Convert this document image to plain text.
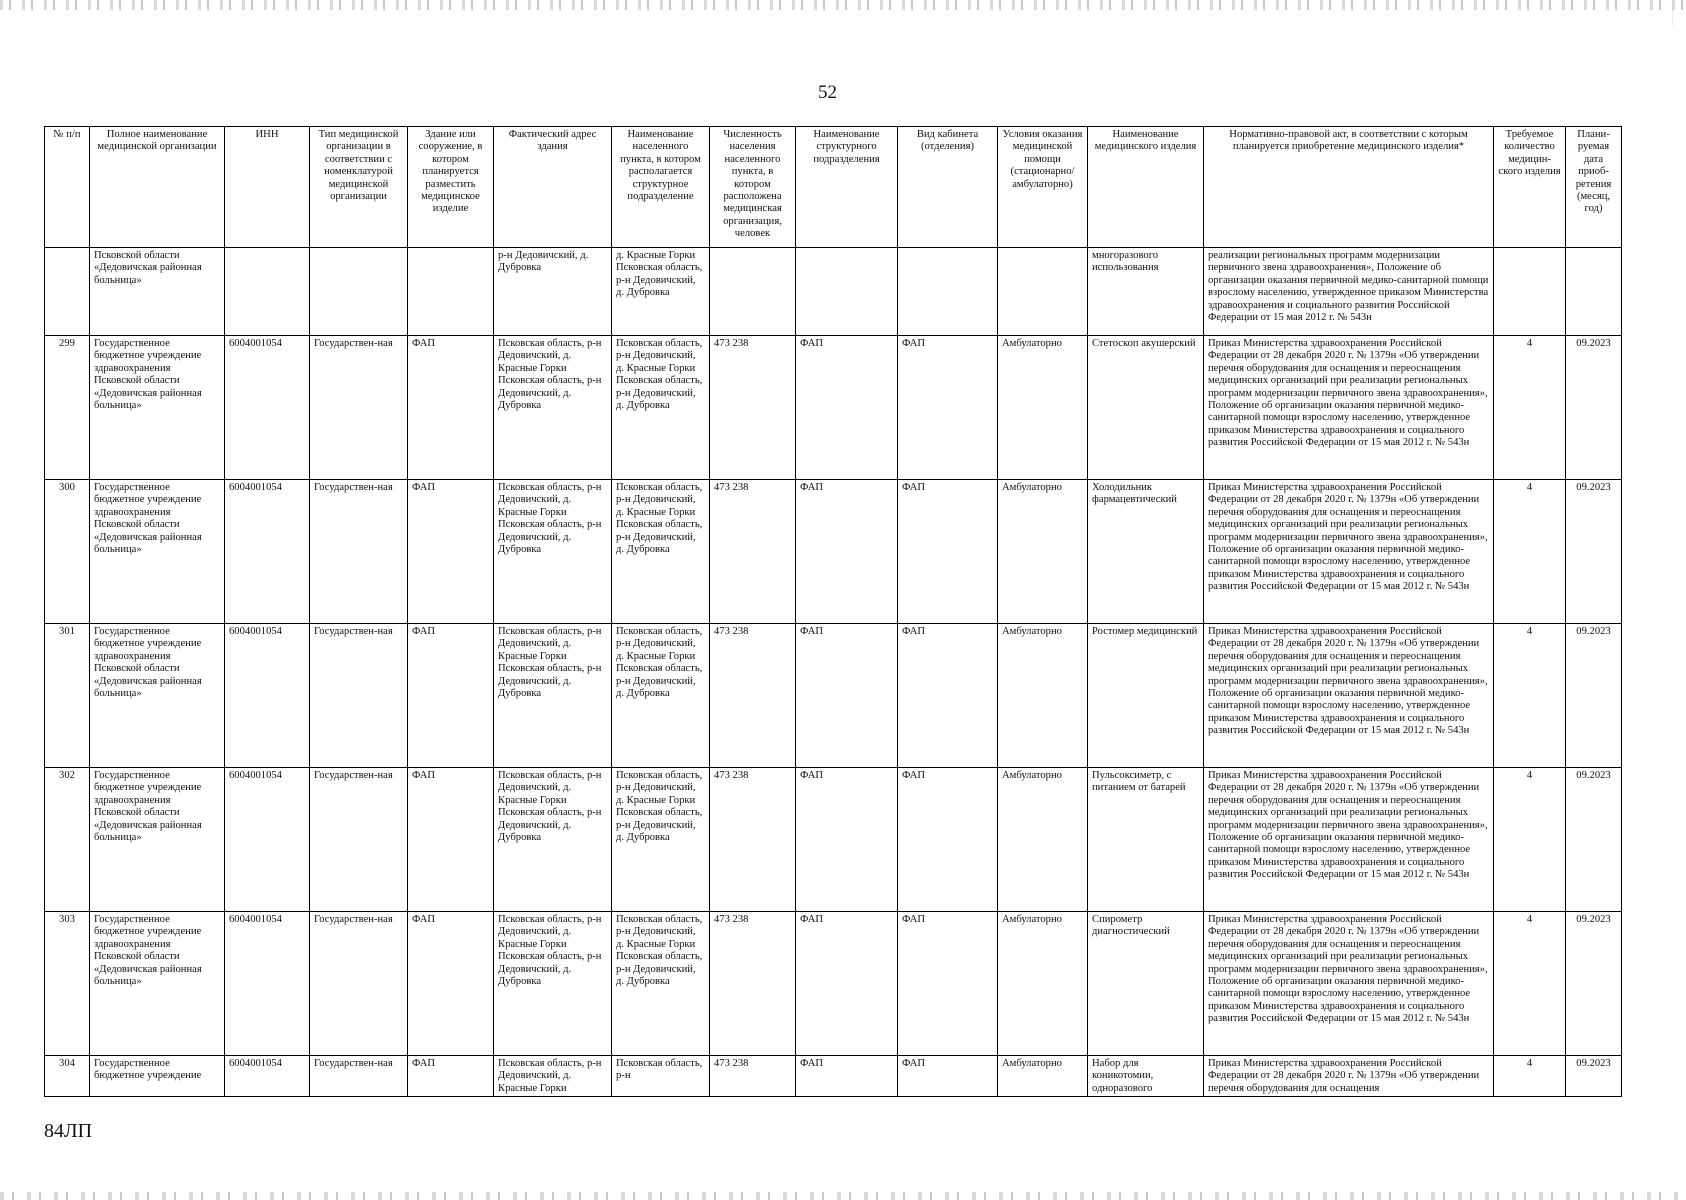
52
№ п/п	Полное наименование медицинской организации	ИНН	Тип медицинской организации в соответствии с номенклатурой медицинской организации	Здание или сооружение, в котором планируется разместить медицинское изделие	Фактический адрес здания	Наименование населенного пункта, в котором располагается структурное подразделение	Численность населения населенного пункта, в котором расположена медицинская организация, человек	Наименование структурного подразделения	Вид кабинета (отделения)	Условия оказания медицинской помощи (стационарно/ амбулаторно)	Наименование медицинского изделия	Нормативно-правовой акт, в соответствии с которым планируется приобретение медицинского изделия*	Требуемое количество медицин-ского изделия	Плани-руемая дата приоб-ретения (месяц, год)
	Псковской области «Дедовичская районная больница»				р-н Дедовичский, д. Дубровка	д. Красные Горки Псковская область, р-н Дедовичский, д. Дубровка					многоразового использования	реализации региональных программ модернизации первичного звена здравоохранения», Положение об организации оказания первичной медико-санитарной помощи взрослому населению, утвержденное приказом Министерства здравоохранения и социального развития Российской Федерации от 15 мая 2012 г. № 543н		
299	Государственное бюджетное учреждение здравоохранения Псковской области «Дедовичская районная больница»	6004001054	Государствен-ная	ФАП	Псковская область, р-н Дедовичский, д. Красные Горки Псковская область, р-н Дедовичский, д. Дубровка	Псковская область, р-н Дедовичский, д. Красные Горки Псковская область, р-н Дедовичский, д. Дубровка	473 238	ФАП	ФАП	Амбулаторно	Стетоскоп акушерский	Приказ Министерства здравоохранения Российской Федерации от 28 декабря 2020 г. № 1379н «Об утверждении перечня оборудования для оснащения и переоснащения медицинских организаций при реализации региональных программ модернизации первичного звена здравоохранения», Положение об организации оказания первичной медико-санитарной помощи взрослому населению, утвержденное приказом Министерства здравоохранения и социального развития Российской Федерации от 15 мая 2012 г. № 543н	4	09.2023
300	Государственное бюджетное учреждение здравоохранения Псковской области «Дедовичская районная больница»	6004001054	Государствен-ная	ФАП	Псковская область, р-н Дедовичский, д. Красные Горки Псковская область, р-н Дедовичский, д. Дубровка	Псковская область, р-н Дедовичский, д. Красные Горки Псковская область, р-н Дедовичский, д. Дубровка	473 238	ФАП	ФАП	Амбулаторно	Холодильник фармацевтический	Приказ Министерства здравоохранения Российской Федерации от 28 декабря 2020 г. № 1379н «Об утверждении перечня оборудования для оснащения и переоснащения медицинских организаций при реализации региональных программ модернизации первичного звена здравоохранения», Положение об организации оказания первичной медико-санитарной помощи взрослому населению, утвержденное приказом Министерства здравоохранения и социального развития Российской Федерации от 15 мая 2012 г. № 543н	4	09.2023
301	Государственное бюджетное учреждение здравоохранения Псковской области «Дедовичская районная больница»	6004001054	Государствен-ная	ФАП	Псковская область, р-н Дедовичский, д. Красные Горки Псковская область, р-н Дедовичский, д. Дубровка	Псковская область, р-н Дедовичский, д. Красные Горки Псковская область, р-н Дедовичский, д. Дубровка	473 238	ФАП	ФАП	Амбулаторно	Ростомер медицинский	Приказ Министерства здравоохранения Российской Федерации от 28 декабря 2020 г. № 1379н «Об утверждении перечня оборудования для оснащения и переоснащения медицинских организаций при реализации региональных программ модернизации первичного звена здравоохранения», Положение об организации оказания первичной медико-санитарной помощи взрослому населению, утвержденное приказом Министерства здравоохранения и социального развития Российской Федерации от 15 мая 2012 г. № 543н	4	09.2023
302	Государственное бюджетное учреждение здравоохранения Псковской области «Дедовичская районная больница»	6004001054	Государствен-ная	ФАП	Псковская область, р-н Дедовичский, д. Красные Горки Псковская область, р-н Дедовичский, д. Дубровка	Псковская область, р-н Дедовичский, д. Красные Горки Псковская область, р-н Дедовичский, д. Дубровка	473 238	ФАП	ФАП	Амбулаторно	Пульсоксиметр, с питанием от батарей	Приказ Министерства здравоохранения Российской Федерации от 28 декабря 2020 г. № 1379н «Об утверждении перечня оборудования для оснащения и переоснащения медицинских организаций при реализации региональных программ модернизации первичного звена здравоохранения», Положение об организации оказания первичной медико-санитарной помощи взрослому населению, утвержденное приказом Министерства здравоохранения и социального развития Российской Федерации от 15 мая 2012 г. № 543н	4	09.2023
303	Государственное бюджетное учреждение здравоохранения Псковской области «Дедовичская районная больница»	6004001054	Государствен-ная	ФАП	Псковская область, р-н Дедовичский, д. Красные Горки Псковская область, р-н Дедовичский, д. Дубровка	Псковская область, р-н Дедовичский, д. Красные Горки Псковская область, р-н Дедовичский, д. Дубровка	473 238	ФАП	ФАП	Амбулаторно	Спирометр диагностический	Приказ Министерства здравоохранения Российской Федерации от 28 декабря 2020 г. № 1379н «Об утверждении перечня оборудования для оснащения и переоснащения медицинских организаций при реализации региональных программ модернизации первичного звена здравоохранения», Положение об организации оказания первичной медико-санитарной помощи взрослому населению, утвержденное приказом Министерства здравоохранения и социального развития Российской Федерации от 15 мая 2012 г. № 543н	4	09.2023
304	Государственное бюджетное учреждение	6004001054	Государствен-ная	ФАП	Псковская область, р-н Дедовичский, д. Красные Горки	Псковская область, р-н	473 238	ФАП	ФАП	Амбулаторно	Набор для коникотомии, одноразового	Приказ Министерства здравоохранения Российской Федерации от 28 декабря 2020 г. № 1379н «Об утверждении перечня оборудования для оснащения	4	09.2023
84ЛП
